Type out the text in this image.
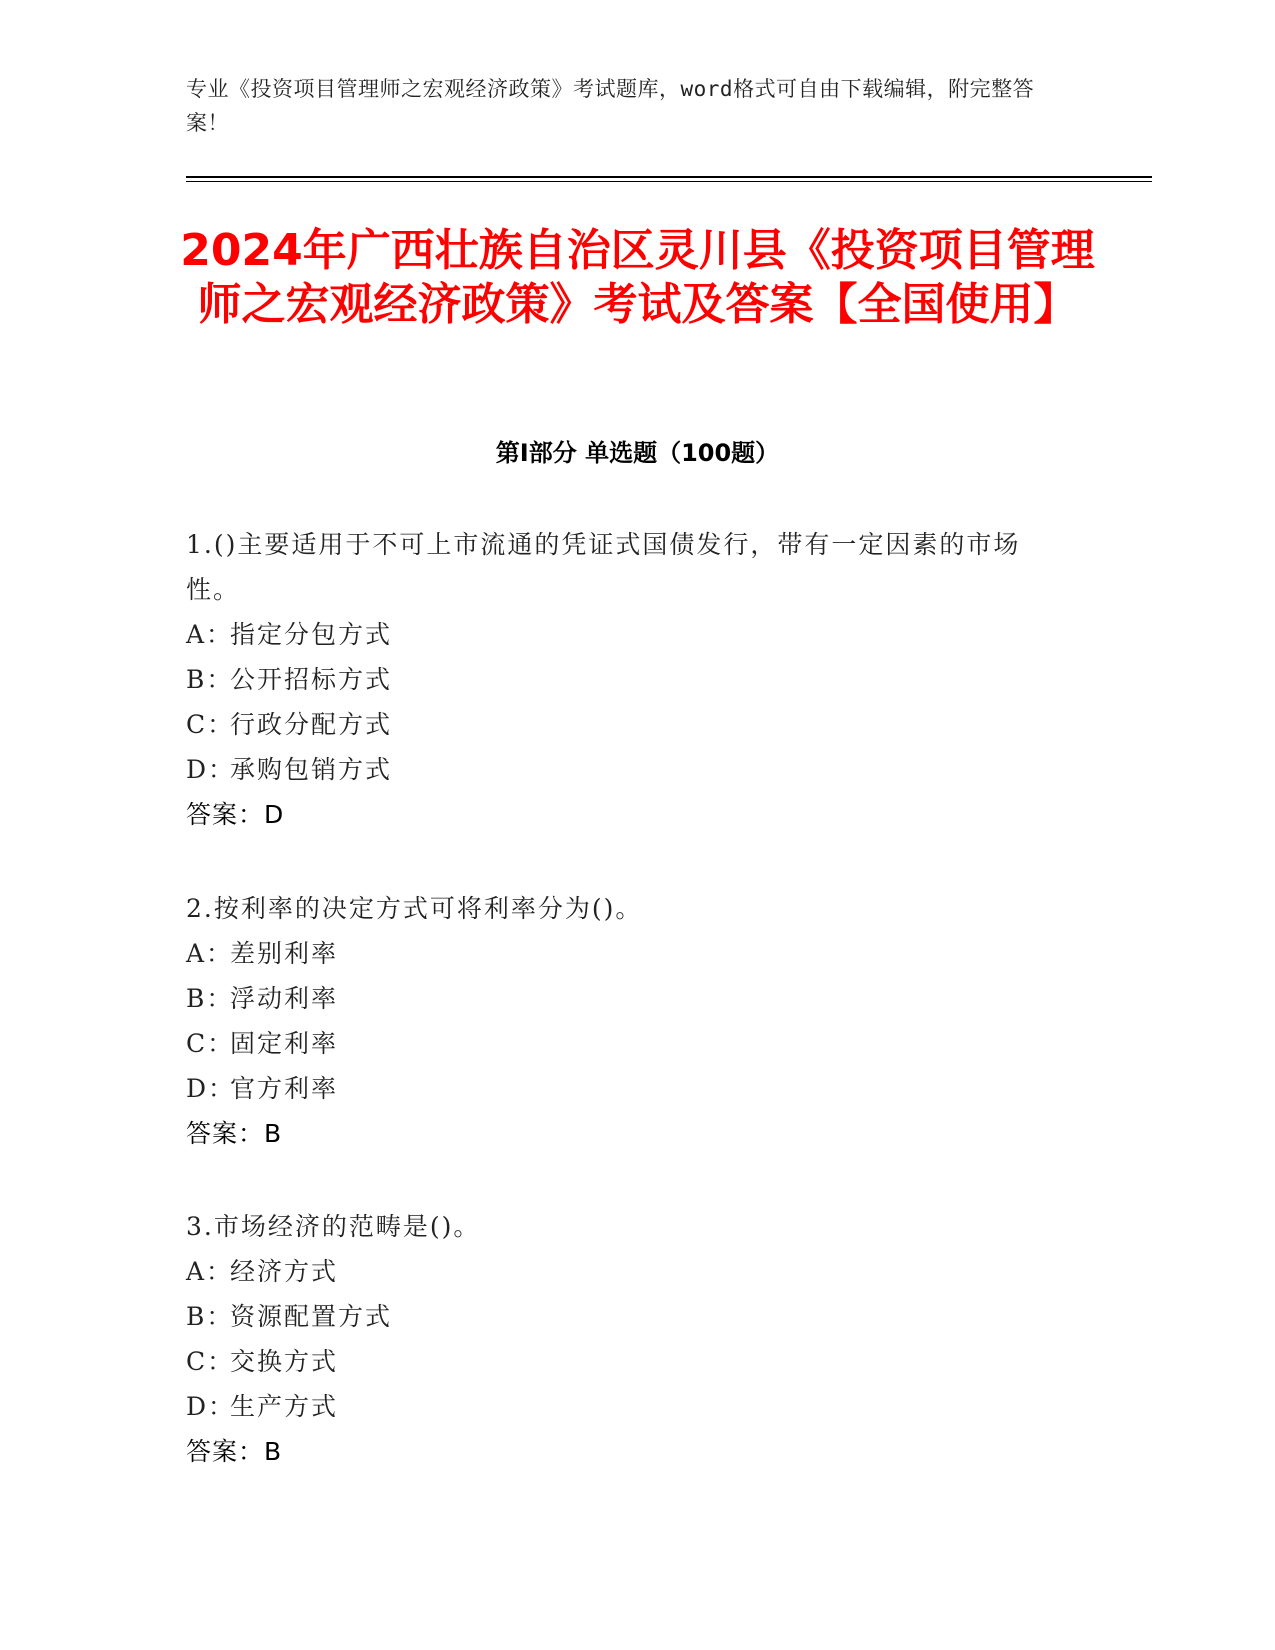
专业《投资项目管理师之宏观经济政策》考试题库，word格式可自由下载编辑，附完整答案！
2024年广西壮族自治区灵川县《投资项目管理师之宏观经济政策》考试及答案【全国使用】
第I部分 单选题（100题）

1.()主要适用于不可上市流通的凭证式国债发行，带有一定因素的市场性。

A：指定分包方式

B：公开招标方式

C：行政分配方式

D：承购包销方式

答案：D

2.按利率的决定方式可将利率分为()。

A：差别利率

B：浮动利率

C：固定利率

D：官方利率

答案：B

3.市场经济的范畴是()。

A：经济方式

B：资源配置方式

C：交换方式

D：生产方式

答案：B
